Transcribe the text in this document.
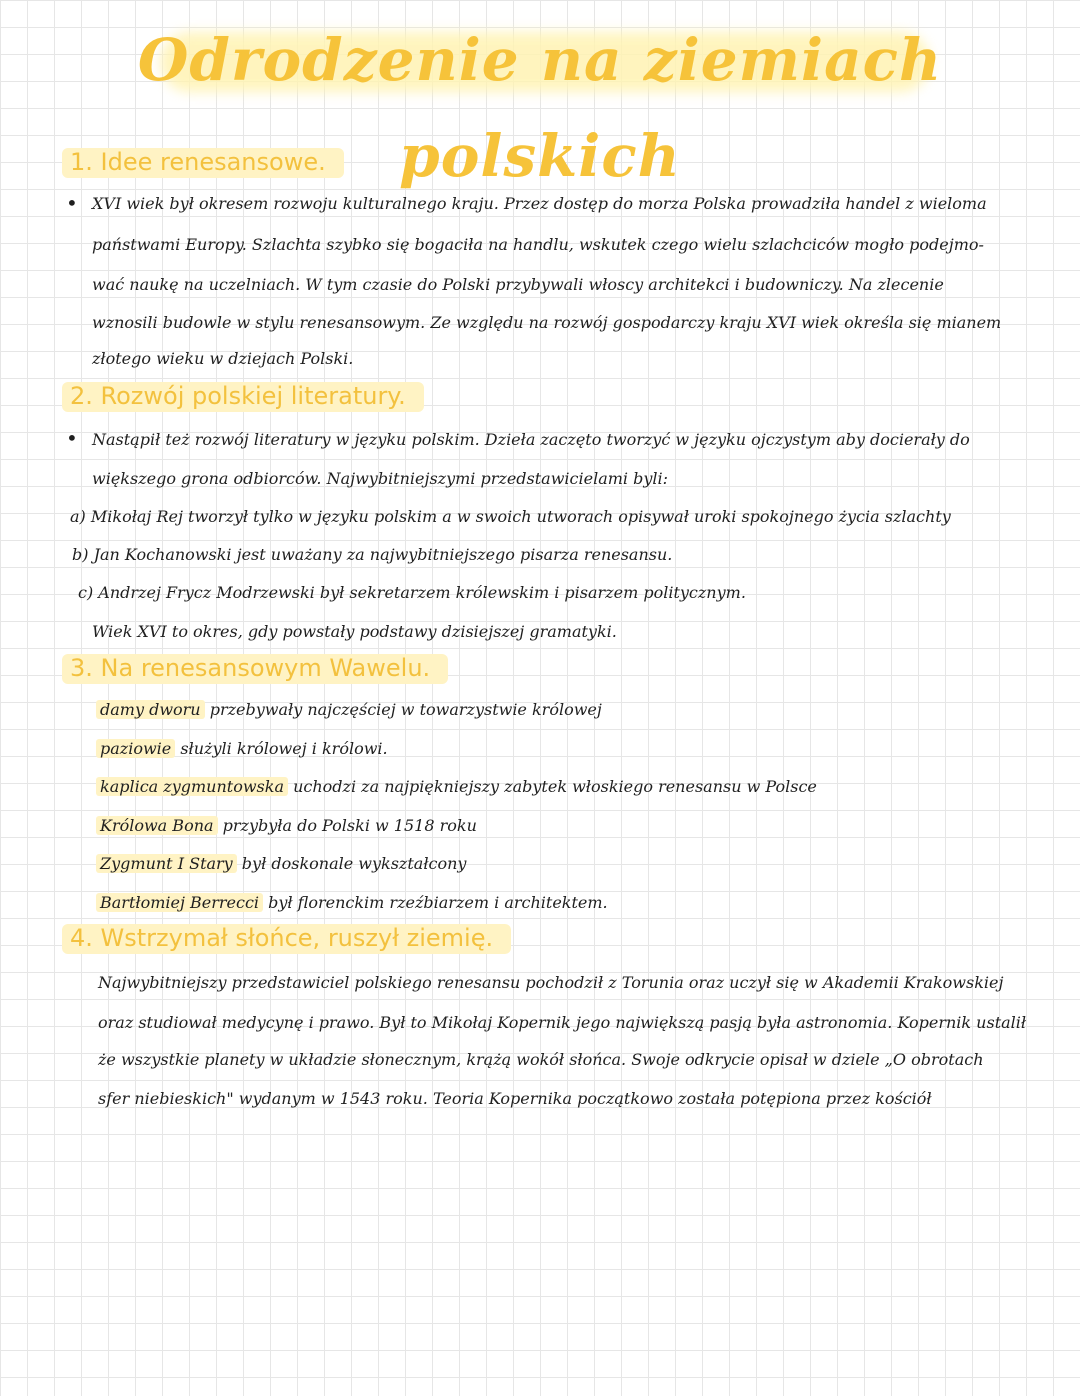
Odrodzenie na ziemiach polskich
1. Idee renesansowe.
• XVI wiek był okresem rozwoju kulturalnego kraju. Przez dostęp do morza Polska prowadziła handel z wieloma
państwami Europy. Szlachta szybko się bogaciła na handlu, wskutek czego wielu szlachciców mogło podejmo-
wać naukę na uczelniach. W tym czasie do Polski przybywali włoscy architekci i budowniczy. Na zlecenie
wznosili budowle w stylu renesansowym. Ze względu na rozwój gospodarczy kraju XVI wiek określa się mianem
złotego wieku w dziejach Polski.
2. Rozwój polskiej literatury.
• Nastąpił też rozwój literatury w języku polskim. Dzieła zaczęto tworzyć w języku ojczystym aby docierały do
większego grona odbiorców. Najwybitniejszymi przedstawicielami byli:
a) Mikołaj Rej tworzył tylko w języku polskim a w swoich utworach opisywał uroki spokojnego życia szlachty
b) Jan Kochanowski jest uważany za najwybitniejszego pisarza renesansu.
c) Andrzej Frycz Modrzewski był sekretarzem królewskim i pisarzem politycznym.
Wiek XVI to okres, gdy powstały podstawy dzisiejszej gramatyki.
3. Na renesansowym Wawelu.
damy dworu przebywały najczęściej w towarzystwie królowej
paziowie służyli królowej i królowi.
kaplica zygmuntowska uchodzi za najpiękniejszy zabytek włoskiego renesansu w Polsce
Królowa Bona przybyła do Polski w 1518 roku
Zygmunt I Stary był doskonale wykształcony
Bartłomiej Berrecci był florenckim rzeźbiarzem i architektem.
4. Wstrzymał słońce, ruszył ziemię.
Najwybitniejszy przedstawiciel polskiego renesansu pochodził z Torunia oraz uczył się w Akademii Krakowskiej
oraz studiował medycynę i prawo. Był to Mikołaj Kopernik jego największą pasją była astronomia. Kopernik ustalił
że wszystkie planety w układzie słonecznym, krążą wokół słońca. Swoje odkrycie opisał w dziele „O obrotach
sfer niebieskich" wydanym w 1543 roku. Teoria Kopernika początkowo została potępiona przez kościół
